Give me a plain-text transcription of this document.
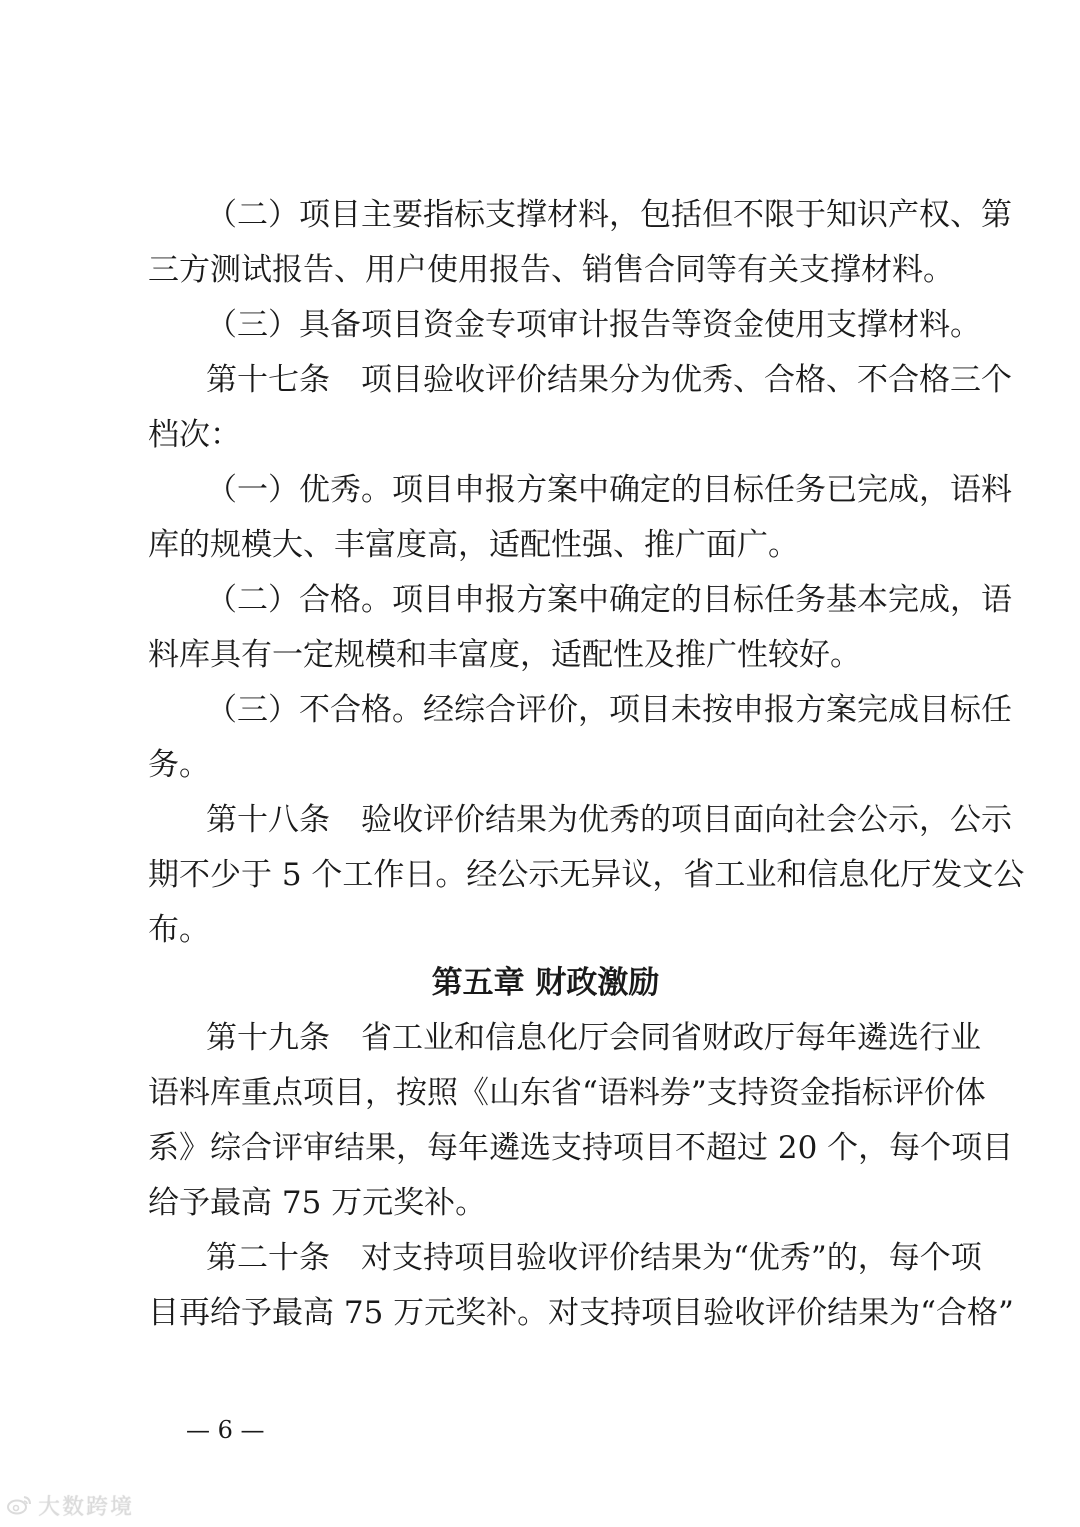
（二）项目主要指标支撑材料，包括但不限于知识产权、第
三方测试报告、用户使用报告、销售合同等有关支撑材料。
（三）具备项目资金专项审计报告等资金使用支撑材料。
第十七条　项目验收评价结果分为优秀、合格、不合格三个
档次：
（一）优秀。项目申报方案中确定的目标任务已完成，语料
库的规模大、丰富度高，适配性强、推广面广。
（二）合格。项目申报方案中确定的目标任务基本完成，语
料库具有一定规模和丰富度，适配性及推广性较好。
（三）不合格。经综合评价，项目未按申报方案完成目标任
务。
第十八条　验收评价结果为优秀的项目面向社会公示，公示
期不少于 5 个工作日。经公示无异议，省工业和信息化厅发文公
布。
第五章 财政激励
第十九条　省工业和信息化厅会同省财政厅每年遴选行业
语料库重点项目，按照《山东省“语料券”支持资金指标评价体
系》综合评审结果，每年遴选支持项目不超过 20 个，每个项目
给予最高 75 万元奖补。
第二十条　对支持项目验收评价结果为“优秀”的，每个项
目再给予最高 75 万元奖补。对支持项目验收评价结果为“合格”
— 6 —
大数跨境
